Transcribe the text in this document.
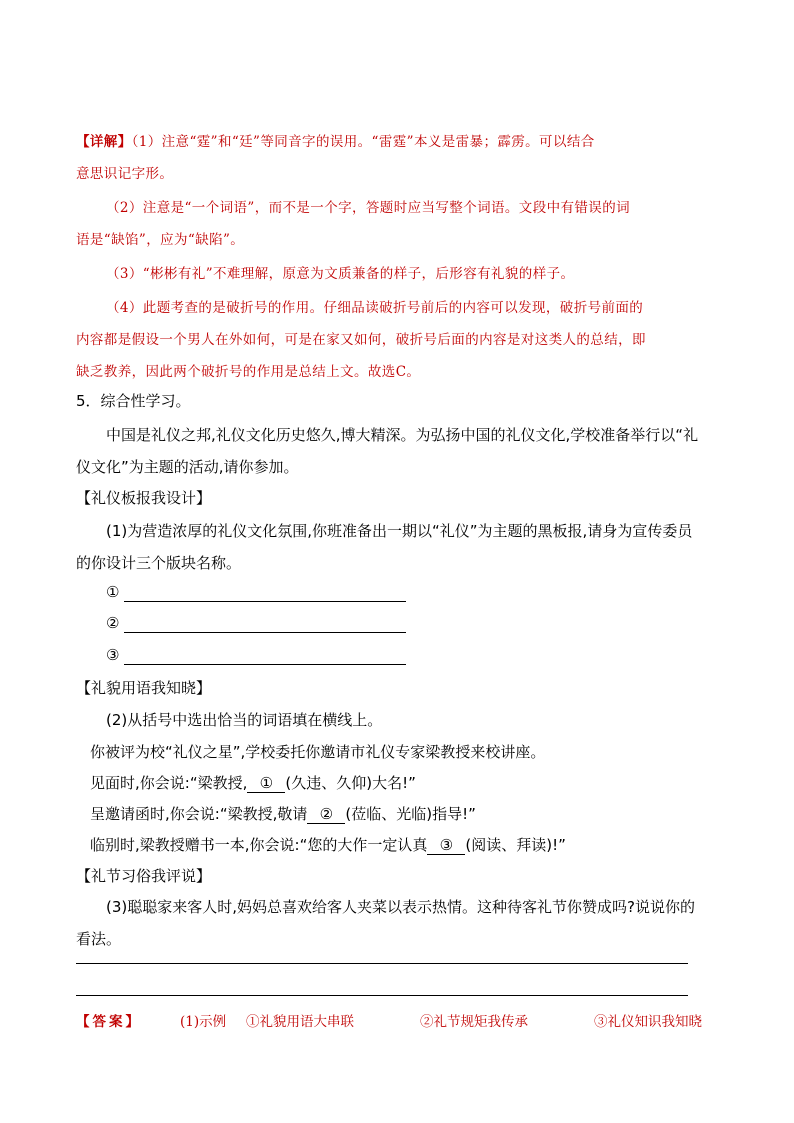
【详解】（1）注意“霆”和“廷”等同音字的误用。“雷霆”本义是雷暴；霹雳。可以结合
意思识记字形。
（2）注意是“一个词语”，而不是一个字，答题时应当写整个词语。文段中有错误的词
语是“缺馅”，应为“缺陷”。
（3）“彬彬有礼”不难理解，原意为文质兼备的样子，后形容有礼貌的样子。
（4）此题考查的是破折号的作用。仔细品读破折号前后的内容可以发现，破折号前面的
内容都是假设一个男人在外如何，可是在家又如何，破折号后面的内容是对这类人的总结，即
缺乏教养，因此两个破折号的作用是总结上文。故选C。
5．综合性学习。
中国是礼仪之邦,礼仪文化历史悠久,博大精深。为弘扬中国的礼仪文化,学校准备举行以“礼
仪文化”为主题的活动,请你参加。
【礼仪板报我设计】
(1)为营造浓厚的礼仪文化氛围,你班准备出一期以“礼仪”为主题的黑板报,请身为宣传委员
的你设计三个版块名称。
①
②
③
【礼貌用语我知晓】
(2)从括号中选出恰当的词语填在横线上。
你被评为校“礼仪之星”,学校委托你邀请市礼仪专家梁教授来校讲座。
见面时,你会说:“梁教授, ① (久违、久仰)大名!”
呈邀请函时,你会说:“梁教授,敬请 ② (莅临、光临)指导!”
临别时,梁教授赠书一本,你会说:“您的大作一定认真 ③ (阅读、拜读)!”
【礼节习俗我评说】
(3)聪聪家来客人时,妈妈总喜欢给客人夹菜以表示热情。这种待客礼节你赞成吗?说说你的
看法。
【答案】	(1)示例 ①礼貌用语大串联	②礼节规矩我传承	③礼仪知识我知晓
